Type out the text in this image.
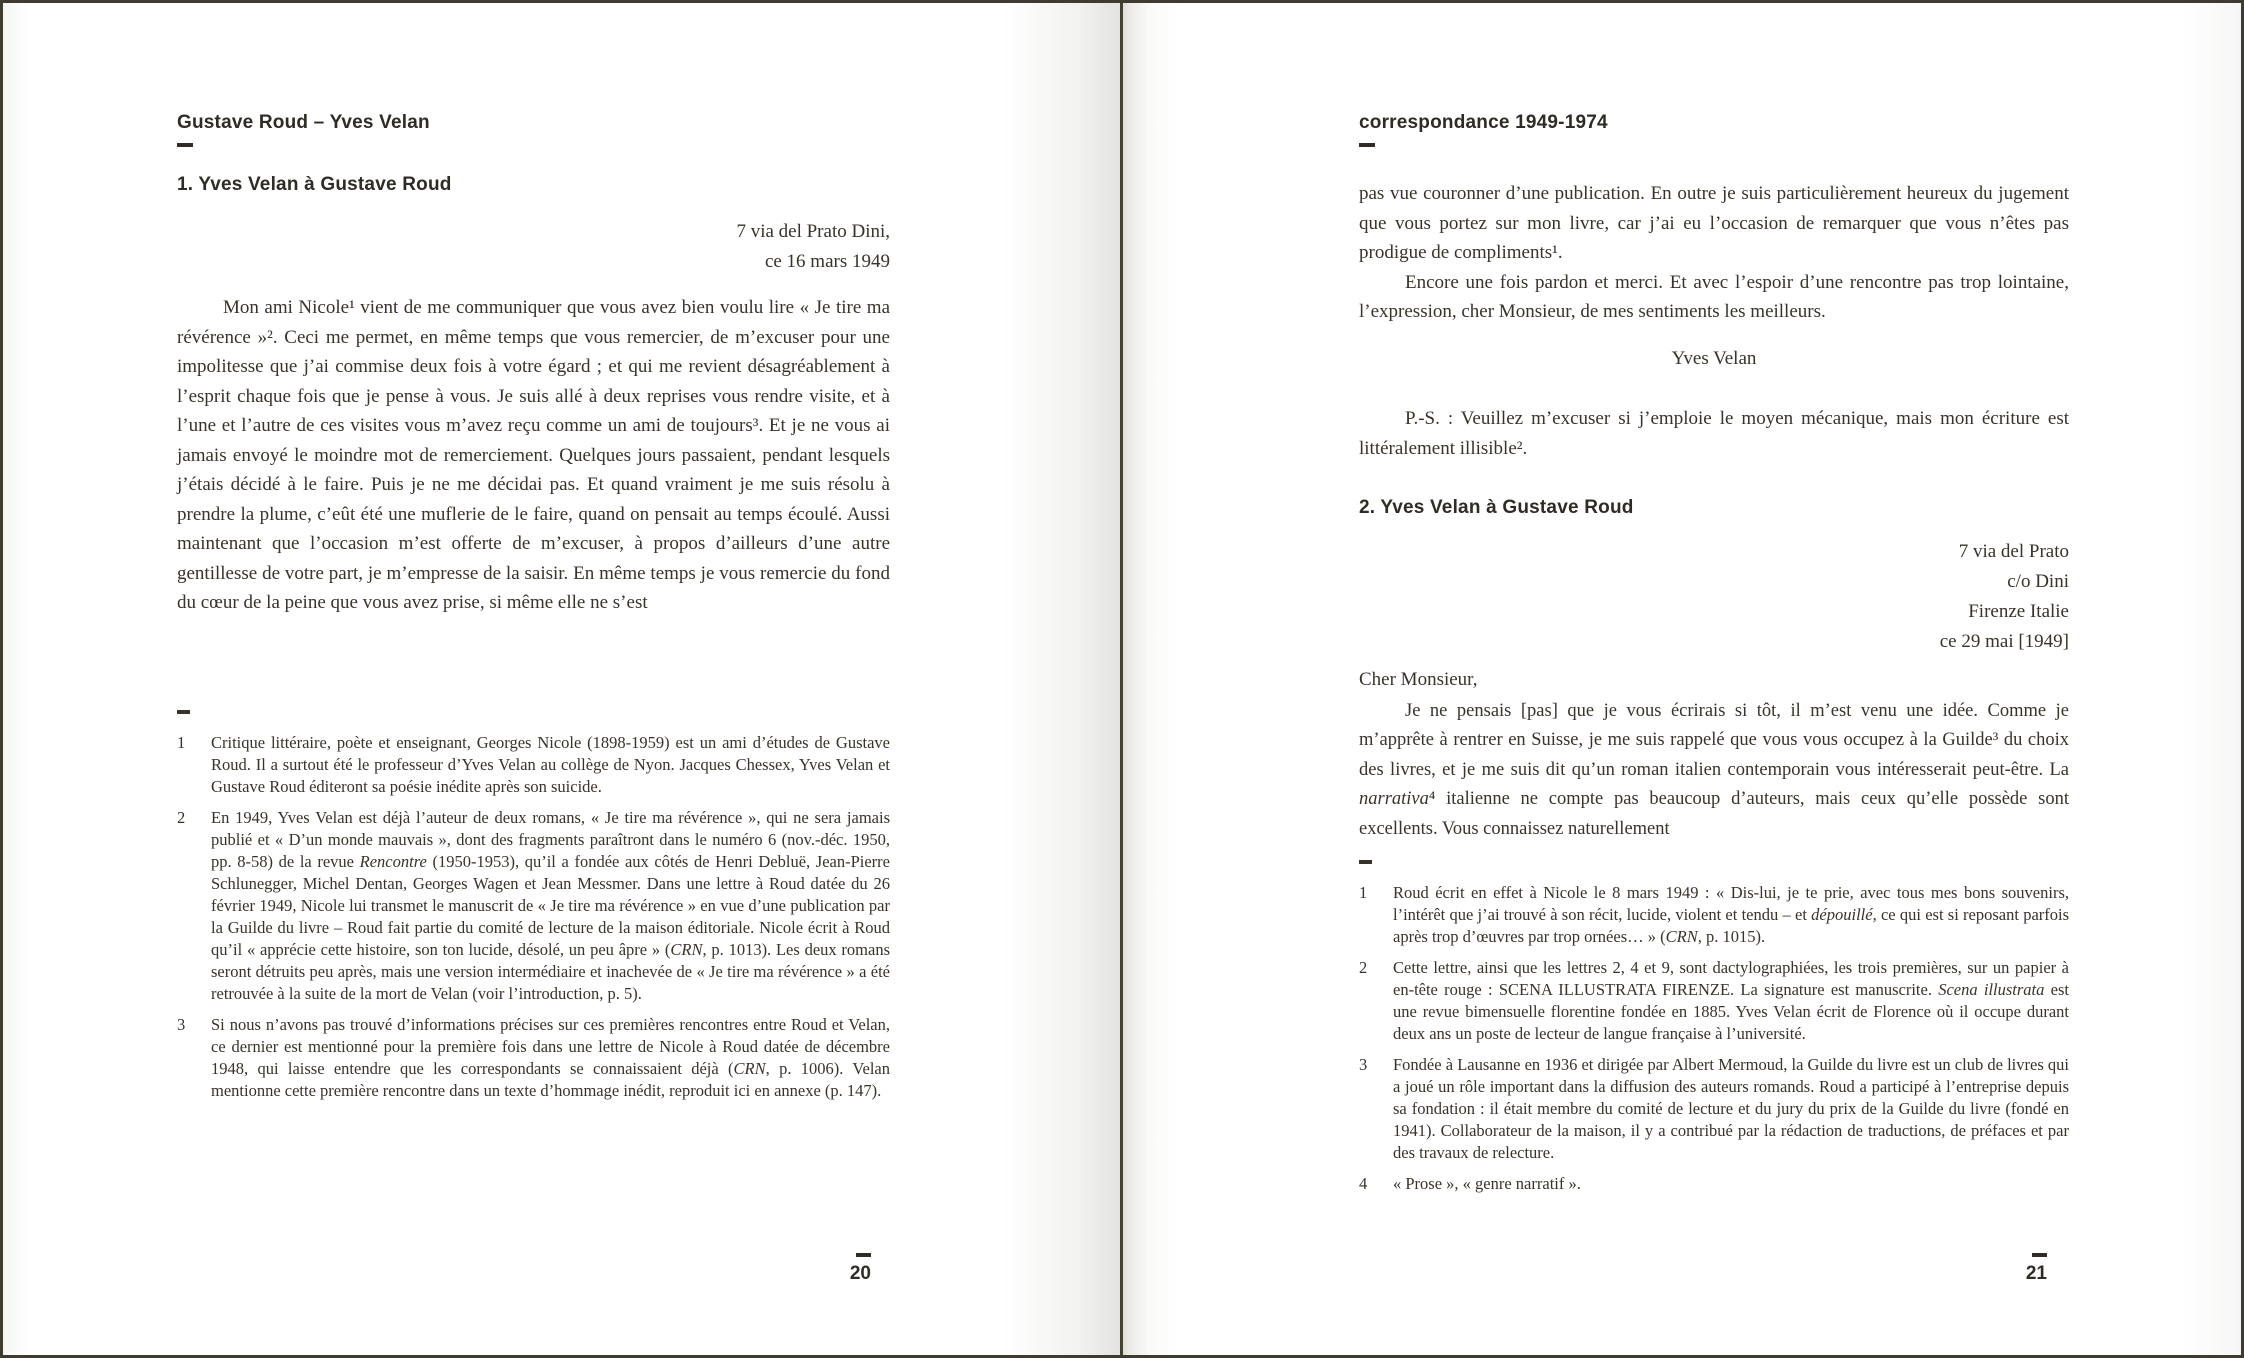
Gustave Roud – Yves Velan
1. Yves Velan à Gustave Roud
7 via del Prato Dini,
ce 16 mars 1949
Mon ami Nicole¹ vient de me communiquer que vous avez bien voulu lire « Je tire ma révérence »². Ceci me permet, en même temps que vous remercier, de m’excuser pour une impolitesse que j’ai commise deux fois à votre égard ; et qui me revient désagréablement à l’esprit chaque fois que je pense à vous. Je suis allé à deux reprises vous rendre visite, et à l’une et l’autre de ces visites vous m’avez reçu comme un ami de toujours³. Et je ne vous ai jamais envoyé le moindre mot de remerciement. Quelques jours passaient, pendant lesquels j’étais décidé à le faire. Puis je ne me décidai pas. Et quand vraiment je me suis résolu à prendre la plume, c’eût été une muflerie de le faire, quand on pensait au temps écoulé. Aussi maintenant que l’occasion m’est offerte de m’excuser, à propos d’ailleurs d’une autre gentillesse de votre part, je m’empresse de la saisir. En même temps je vous remercie du fond du cœur de la peine que vous avez prise, si même elle ne s’est
1	Critique littéraire, poète et enseignant, Georges Nicole (1898-1959) est un ami d’études de Gustave Roud. Il a surtout été le professeur d’Yves Velan au collège de Nyon. Jacques Chessex, Yves Velan et Gustave Roud éditeront sa poésie inédite après son suicide.
2	En 1949, Yves Velan est déjà l’auteur de deux romans, « Je tire ma révérence », qui ne sera jamais publié et « D’un monde mauvais », dont des fragments paraîtront dans le numéro 6 (nov.-déc. 1950, pp. 8-58) de la revue Rencontre (1950-1953), qu’il a fondée aux côtés de Henri Debluë, Jean-Pierre Schlunegger, Michel Dentan, Georges Wagen et Jean Messmer. Dans une lettre à Roud datée du 26 février 1949, Nicole lui transmet le manuscrit de « Je tire ma révérence » en vue d’une publication par la Guilde du livre – Roud fait partie du comité de lecture de la maison éditoriale. Nicole écrit à Roud qu’il « apprécie cette histoire, son ton lucide, désolé, un peu âpre » (CRN, p. 1013). Les deux romans seront détruits peu après, mais une version intermédiaire et inachevée de « Je tire ma révérence » a été retrouvée à la suite de la mort de Velan (voir l’introduction, p. 5).
3	Si nous n’avons pas trouvé d’informations précises sur ces premières rencontres entre Roud et Velan, ce dernier est mentionné pour la première fois dans une lettre de Nicole à Roud datée de décembre 1948, qui laisse entendre que les correspondants se connaissaient déjà (CRN, p. 1006). Velan mentionne cette première rencontre dans un texte d’hommage inédit, reproduit ici en annexe (p. 147).
20
correspondance 1949-1974
pas vue couronner d’une publication. En outre je suis particulièrement heureux du jugement que vous portez sur mon livre, car j’ai eu l’occasion de remarquer que vous n’êtes pas prodigue de compliments¹.
Encore une fois pardon et merci. Et avec l’espoir d’une rencontre pas trop lointaine, l’expression, cher Monsieur, de mes sentiments les meilleurs.
Yves Velan
P.-S. : Veuillez m’excuser si j’emploie le moyen mécanique, mais mon écriture est littéralement illisible².
2. Yves Velan à Gustave Roud
7 via del Prato
c/o Dini
Firenze Italie
ce 29 mai [1949]
Cher Monsieur,
Je ne pensais [pas] que je vous écrirais si tôt, il m’est venu une idée. Comme je m’apprête à rentrer en Suisse, je me suis rappelé que vous vous occupez à la Guilde³ du choix des livres, et je me suis dit qu’un roman italien contemporain vous intéresserait peut-être. La narrativa⁴ italienne ne compte pas beaucoup d’auteurs, mais ceux qu’elle possède sont excellents. Vous connaissez naturellement
1	Roud écrit en effet à Nicole le 8 mars 1949 : « Dis-lui, je te prie, avec tous mes bons souvenirs, l’intérêt que j’ai trouvé à son récit, lucide, violent et tendu – et dépouillé, ce qui est si reposant parfois après trop d’œuvres par trop ornées… » (CRN, p. 1015).
2	Cette lettre, ainsi que les lettres 2, 4 et 9, sont dactylographiées, les trois premières, sur un papier à en-tête rouge : SCENA ILLUSTRATA FIRENZE. La signature est manuscrite. Scena illustrata est une revue bimensuelle florentine fondée en 1885. Yves Velan écrit de Florence où il occupe durant deux ans un poste de lecteur de langue française à l’université.
3	Fondée à Lausanne en 1936 et dirigée par Albert Mermoud, la Guilde du livre est un club de livres qui a joué un rôle important dans la diffusion des auteurs romands. Roud a participé à l’entreprise depuis sa fondation : il était membre du comité de lecture et du jury du prix de la Guilde du livre (fondé en 1941). Collaborateur de la maison, il y a contribué par la rédaction de traductions, de préfaces et par des travaux de relecture.
4	« Prose », « genre narratif ».
21
